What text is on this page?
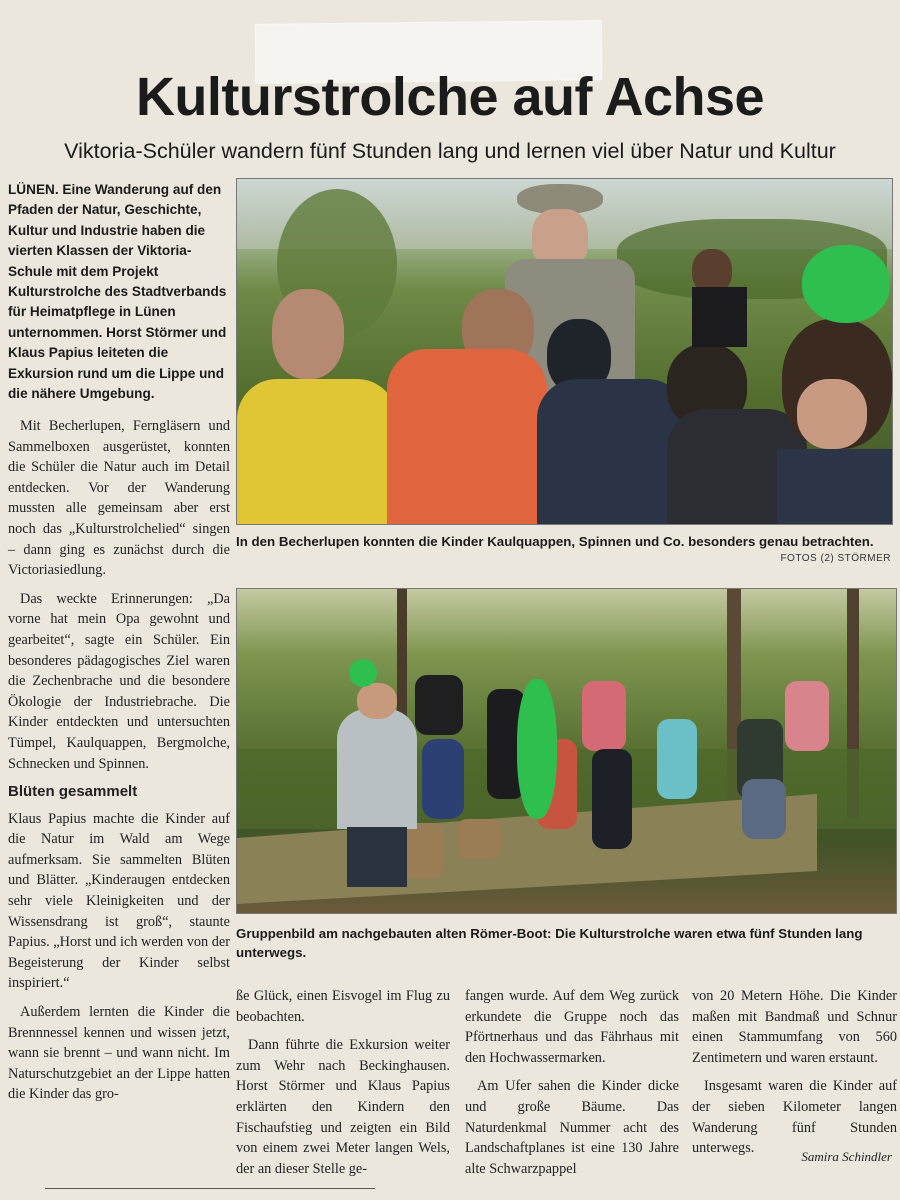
Kulturstrolche auf Achse
Viktoria-Schüler wandern fünf Stunden lang und lernen viel über Natur und Kultur
LÜNEN. Eine Wanderung auf den Pfaden der Natur, Geschichte, Kultur und Industrie haben die vierten Klassen der Viktoria-Schule mit dem Projekt Kulturstrolche des Stadtverbands für Heimatpflege in Lünen unternommen. Horst Störmer und Klaus Papius leiteten die Exkursion rund um die Lippe und die nähere Umgebung.

Mit Becherlupen, Ferngläsern und Sammelboxen ausgerüstet, konnten die Schüler die Natur auch im Detail entdecken. Vor der Wanderung mussten alle gemeinsam aber erst noch das „Kulturstrolchelied“ singen – dann ging es zunächst durch die Victoriasiedlung.

Das weckte Erinnerungen: „Da vorne hat mein Opa gewohnt und gearbeitet“, sagte ein Schüler. Ein besonderes pädagogisches Ziel waren die Zechenbrache und die besondere Ökologie der Industriebrache. Die Kinder entdeckten und untersuchten Tümpel, Kaulquappen, Bergmolche, Schnecken und Spinnen.

Blüten gesammelt

Klaus Papius machte die Kinder auf die Natur im Wald am Wege aufmerksam. Sie sammelten Blüten und Blätter. „Kinderaugen entdecken sehr viele Kleinigkeiten und der Wissensdrang ist groß“, staunte Papius. „Horst und ich werden von der Begeisterung der Kinder selbst inspiriert.“

Außerdem lernten die Kinder die Brennnessel kennen und wissen jetzt, wann sie brennt – und wann nicht. Im Naturschutzgebiet an der Lippe hatten die Kinder das gro-

In den Becherlupen konnten die Kinder Kaulquappen, Spinnen und Co. besonders genau betrachten.
FOTOS (2) STÖRMER
Gruppenbild am nachgebauten alten Römer-Boot: Die Kulturstrolche waren etwa fünf Stunden lang unterwegs.

ße Glück, einen Eisvogel im Flug zu beobachten.

Dann führte die Exkursion weiter zum Wehr nach Beckinghausen. Horst Störmer und Klaus Papius erklärten den Kindern den Fischaufstieg und zeigten ein Bild von einem zwei Meter langen Wels, der an dieser Stelle ge-

fangen wurde. Auf dem Weg zurück erkundete die Gruppe noch das Pförtnerhaus und das Fährhaus mit den Hochwassermarken.

Am Ufer sahen die Kinder dicke und große Bäume. Das Naturdenkmal Nummer acht des Landschaftplanes ist eine 130 Jahre alte Schwarzpappel

von 20 Metern Höhe. Die Kinder maßen mit Bandmaß und Schnur einen Stammumfang von 560 Zentimetern und waren erstaunt.

Insgesamt waren die Kinder auf der sieben Kilometer langen Wanderung fünf Stunden unterwegs.

Samira Schindler
